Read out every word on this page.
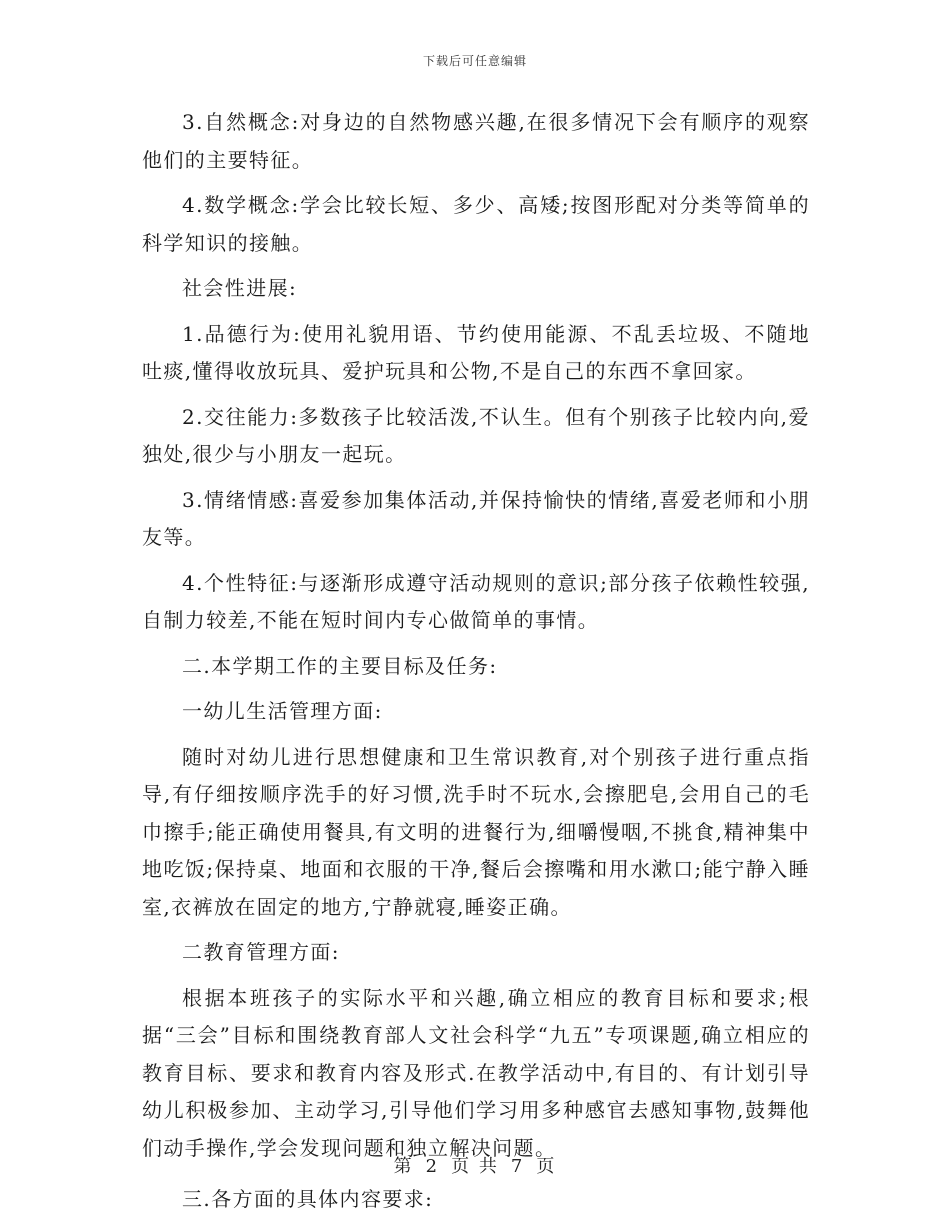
下载后可任意编辑

3.自然概念:对身边的自然物感兴趣,在很多情况下会有顺序的观察他们的主要特征。

4.数学概念:学会比较长短、多少、高矮;按图形配对分类等简单的科学知识的接触。

社会性进展:

1.品德行为:使用礼貌用语、节约使用能源、不乱丢垃圾、不随地吐痰,懂得收放玩具、爱护玩具和公物,不是自己的东西不拿回家。

2.交往能力:多数孩子比较活泼,不认生。但有个别孩子比较内向,爱独处,很少与小朋友一起玩。

3.情绪情感:喜爱参加集体活动,并保持愉快的情绪,喜爱老师和小朋友等。

4.个性特征:与逐渐形成遵守活动规则的意识;部分孩子依赖性较强,自制力较差,不能在短时间内专心做简单的事情。

二.本学期工作的主要目标及任务:

一幼儿生活管理方面:

随时对幼儿进行思想健康和卫生常识教育,对个别孩子进行重点指导,有仔细按顺序洗手的好习惯,洗手时不玩水,会擦肥皂,会用自己的毛巾擦手;能正确使用餐具,有文明的进餐行为,细嚼慢咽,不挑食,精神集中地吃饭;保持桌、地面和衣服的干净,餐后会擦嘴和用水漱口;能宁静入睡室,衣裤放在固定的地方,宁静就寝,睡姿正确。

二教育管理方面:

根据本班孩子的实际水平和兴趣,确立相应的教育目标和要求;根据“三会”目标和围绕教育部人文社会科学“九五”专项课题,确立相应的教育目标、要求和教育内容及形式.在教学活动中,有目的、有计划引导幼儿积极参加、主动学习,引导他们学习用多种感官去感知事物,鼓舞他们动手操作,学会发现问题和独立解决问题。

三.各方面的具体内容要求:

第 2 页 共 7 页
